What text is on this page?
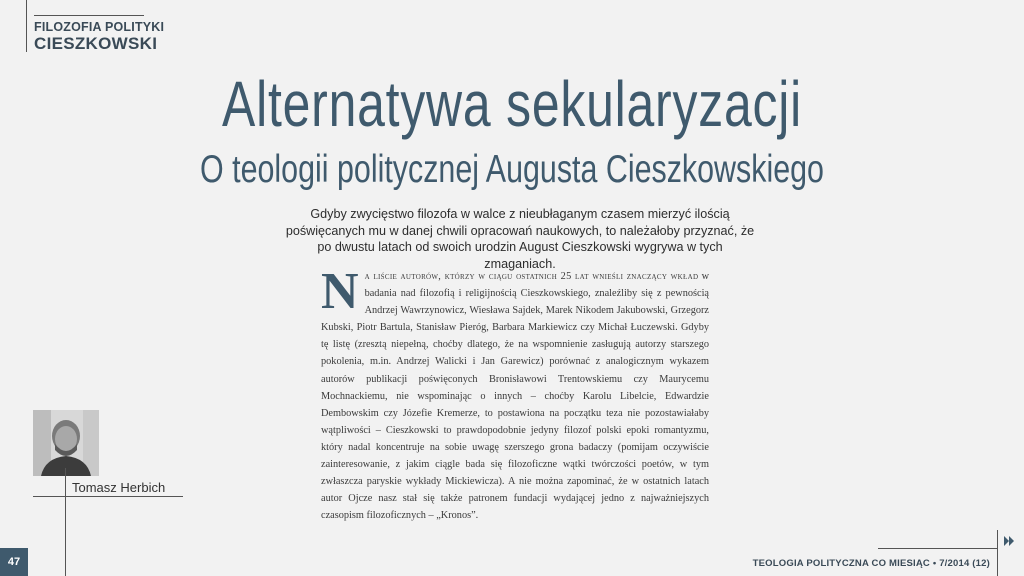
FILOZOFIA POLITYKI
CIESZKOWSKI
Alternatywa sekularyzacji
O teologii politycznej Augusta Cieszkowskiego
Gdyby zwycięstwo filozofa w walce z nieubłaganym czasem mierzyć ilością poświęcanych mu w danej chwili opracowań naukowych, to należałoby przyznać, że po dwustu latach od swoich urodzin August Cieszkowski wygrywa w tych zmaganiach.
N a liście autorów, którzy w ciągu ostatnich 25 lat wnieśli znaczący wkład w badania nad filozofią i religijnością Cieszkowskiego, znaleźliby się z pewnością Andrzej Wawrzynowicz, Wiesława Sajdek, Marek Nikodem Jakubowski, Grzegorz Kubski, Piotr Bartula, Stanisław Pieróg, Barbara Markiewicz czy Michał Łuczewski. Gdyby tę listę (zresztą niepełną, choćby dlatego, że na wspomnienie zasługują autorzy starszego pokolenia, m.in. Andrzej Walicki i Jan Garewicz) porównać z analogicznym wykazem autorów publikacji poświęconych Bronisławowi Trentowskiemu czy Maurycemu Mochnackiemu, nie wspominając o innych – choćby Karolu Libelcie, Edwardzie Dembowskim czy Józefie Kremerze, to postawiona na początku teza nie pozostawiałaby wątpliwości – Cieszkowski to prawdopodobnie jedyny filozof polski epoki romantyzmu, który nadal koncentruje na sobie uwagę szerszego grona badaczy (pomijam oczywiście zainteresowanie, z jakim ciągle bada się filozoficzne wątki twórczości poetów, w tym zwłaszcza paryskie wykłady Mickiewicza). A nie można zapominać, że w ostatnich latach autor Ojcze nasz stał się także patronem fundacji wydającej jedno z najważniejszych czasopism filozoficznych – „Kronos”.
Tomasz Herbich
47	TEOLOGIA POLITYCZNA CO MIESIĄC • 7/2014 (12)
